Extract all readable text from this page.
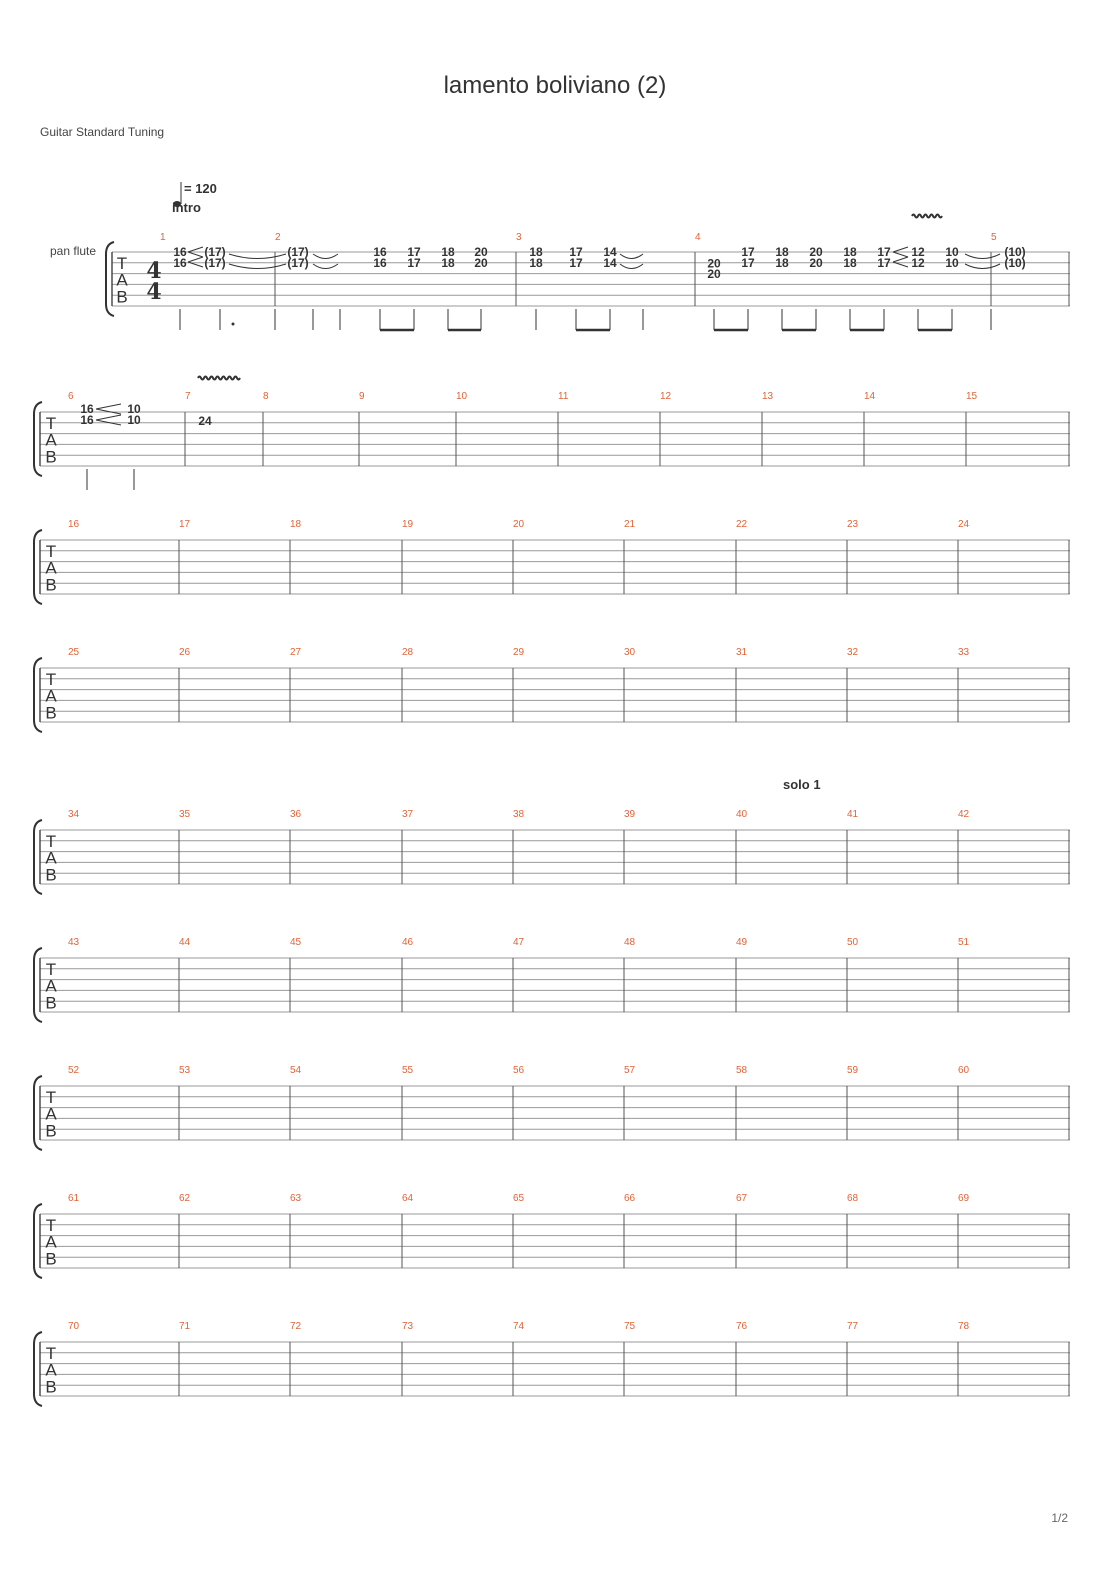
lamento boliviano (2)
Guitar Standard Tuning
1/2
pan flute
T
A
B
4
4
= 120
intro
1	2	3	4	5
16
16
(17)
(17)
(17)
(17)
16
16
17
17
18
18
20
20
18
18
17
17
14
14	20
20
17
17
18
18
20
20
18
18
17
17
12
12
10
10
(10)
(10)
T
A
B
6	7	8	9	10	11	12	13	14	15
16
16
10
10	24
T
A
B
16	17	18	19	20	21	22	23	24
T
A
B
25	26	27	28	29	30	31	32	33
T
A
B
34	35	36	37	38	39	40	41	42
T
A
B
43	44	45	46	47	48	49	50	51
T
A
B
52	53	54	55	56	57	58	59	60
T
A
B
61	62	63	64	65	66	67	68	69
T
A
B
70	71	72	73	74	75	76	77	78
solo 1
